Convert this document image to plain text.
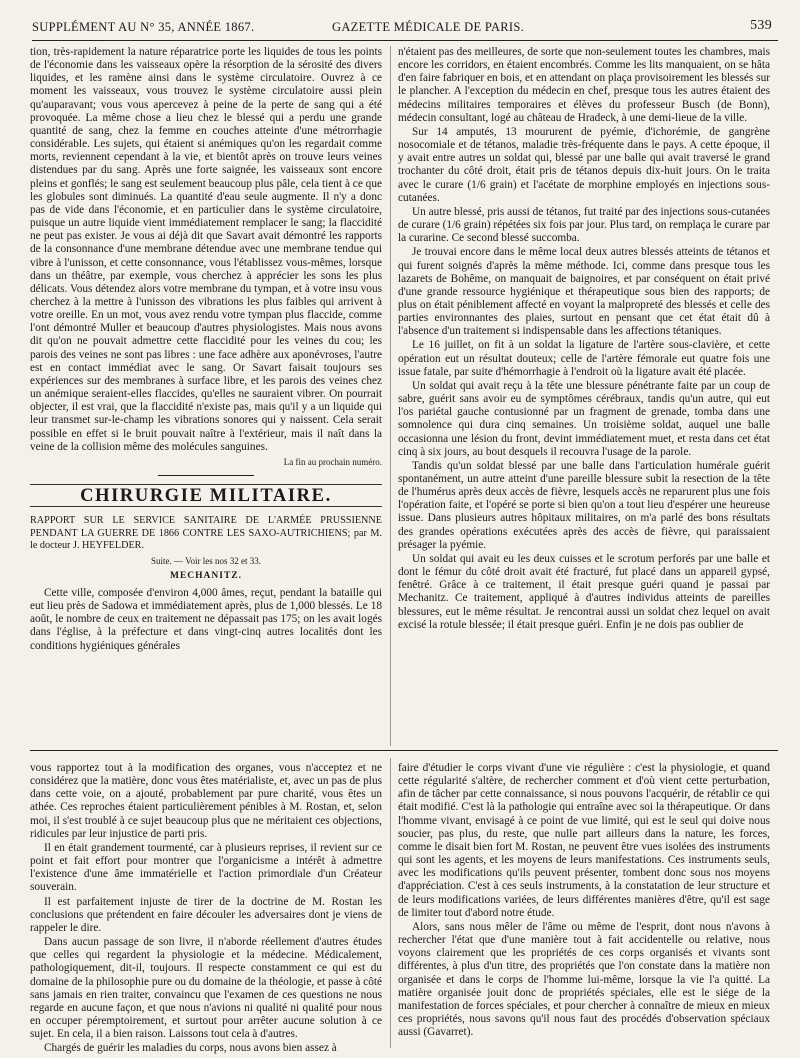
SUPPLÉMENT AU N° 35, ANNÉE 1867.	GAZETTE MÉDICALE DE PARIS.	539

tion, très-rapidement la nature réparatrice porte les liquides de tous les points de l'économie dans les vaisseaux opère la résorption de la sérosité des divers liquides, et les ramène ainsi dans le système circulatoire. Ouvrez à ce moment les vaisseaux, vous trouvez le système circulatoire aussi plein qu'auparavant; vous vous apercevez à peine de la perte de sang qui a été provoquée. La même chose a lieu chez le blessé qui a perdu une grande quantité de sang, chez la femme en couches atteinte d'une métrorrhagie considérable. Les sujets, qui étaient si anémiques qu'on les regardait comme morts, reviennent cependant à la vie, et bientôt après on trouve leurs veines distendues par du sang. Après une forte saignée, les vaisseaux sont encore pleins et gonflés; le sang est seulement beaucoup plus pâle, cela tient à ce que les globules sont diminués. La quantité d'eau seule augmente. Il n'y a donc pas de vide dans l'économie, et en particulier dans le système circulatoire, puisque un autre liquide vient immédiatement remplacer le sang; la flaccidité ne peut pas exister. Je vous ai déjà dit que Savart avait démontré les rapports de la consonnance d'une membrane détendue avec une membrane tendue qui vibre à l'unisson, et cette consonnance, vous l'établissez vous-mêmes, lorsque dans un théâtre, par exemple, vous cherchez à apprécier les sons les plus délicats. Vous détendez alors votre membrane du tympan, et à votre insu vous cherchez à la mettre à l'unisson des vibrations les plus faibles qui arrivent à votre oreille. En un mot, vous avez rendu votre tympan plus flaccide, comme l'ont démontré Muller et beaucoup d'autres physiologistes. Mais nous avons dit qu'on ne pouvait admettre cette flaccidité pour les veines du cou; les parois des veines ne sont pas libres : une face adhère aux aponévroses, l'autre est en contact immédiat avec le sang. Or Savart faisait toujours ses expériences sur des membranes à surface libre, et les parois des veines chez un anémique seraient-elles flaccides, qu'elles ne sauraient vibrer. On pourrait objecter, il est vrai, que la flaccidité n'existe pas, mais qu'il y a un liquide qui leur transmet sur-le-champ les vibrations sonores qui y naissent. Cela serait possible en effet si le bruit pouvait naître à l'extérieur, mais il naît dans la veine de la collision même des molécules sanguines.

La fin au prochain numéro.
CHIRURGIE MILITAIRE.

RAPPORT SUR LE SERVICE SANITAIRE DE L'ARMÉE PRUSSIENNE PENDANT LA GUERRE DE 1866 CONTRE LES SAXO-AUTRICHIENS; par M. le docteur J. HEYFELDER.

Suite. — Voir les nos 32 et 33.
MECHANITZ.

Cette ville, composée d'environ 4,000 âmes, reçut, pendant la bataille qui eut lieu près de Sadowa et immédiatement après, plus de 1,000 blessés. Le 18 août, le nombre de ceux en traitement ne dépassait pas 175; on les avait logés dans l'église, à la préfecture et dans vingt-cinq autres localités dont les conditions hygiéniques générales

n'étaient pas des meilleures, de sorte que non-seulement toutes les chambres, mais encore les corridors, en étaient encombrés. Comme les lits manquaient, on se hâta d'en faire fabriquer en bois, et en attendant on plaça provisoirement les blessés sur le plancher. A l'exception du médecin en chef, presque tous les autres étaient des médecins militaires temporaires et élèves du professeur Busch (de Bonn), médecin consultant, logé au château de Hradeck, à une demi-lieue de la ville.

Sur 14 amputés, 13 moururent de pyémie, d'ichorémie, de gangrène nosocomiale et de tétanos, maladie très-fréquente dans le pays. A cette époque, il y avait entre autres un soldat qui, blessé par une balle qui avait traversé le grand trochanter du côté droit, était pris de tétanos depuis dix-huit jours. On le traita avec le curare (1/6 grain) et l'acétate de morphine employés en injections sous-cutanées.

Un autre blessé, pris aussi de tétanos, fut traité par des injections sous-cutanées de curare (1/6 grain) répétées six fois par jour. Plus tard, on remplaça le curare par la curarine. Ce second blessé succomba.

Je trouvai encore dans le même local deux autres blessés atteints de tétanos et qui furent soignés d'après la même méthode. Ici, comme dans presque tous les lazarets de Bohême, on manquait de baignoires, et par conséquent on était privé d'une grande ressource hygiénique et thérapeutique sous bien des rapports; de plus on était péniblement affecté en voyant la malpropreté des blessés et celle des parties environnantes des plaies, surtout en pensant que cet état était dû à l'absence d'un traitement si indispensable dans les affections tétaniques.

Le 16 juillet, on fit à un soldat la ligature de l'artère sous-clavière, et cette opération eut un résultat douteux; celle de l'artère fémorale eut quatre fois une issue fatale, par suite d'hémorrhagie à l'endroit où la ligature avait été placée.

Un soldat qui avait reçu à la tête une blessure pénétrante faite par un coup de sabre, guérit sans avoir eu de symptômes cérébraux, tandis qu'un autre, qui eut l'os pariétal gauche contusionné par un fragment de grenade, tomba dans une somnolence qui dura cinq semaines. Un troisième soldat, auquel une balle occasionna une lésion du front, devint immédiatement muet, et resta dans cet état cinq à six jours, au bout desquels il recouvra l'usage de la parole.

Tandis qu'un soldat blessé par une balle dans l'articulation humérale guérit spontanément, un autre atteint d'une pareille blessure subit la resection de la tête de l'humérus après deux accès de fièvre, lesquels accès ne reparurent plus une fois l'opération faite, et l'opéré se porte si bien qu'on a tout lieu d'espérer une heureuse issue. Dans plusieurs autres hôpitaux militaires, on m'a parlé des bons résultats des grandes opérations exécutées après des accès de fièvre, qui paraissaient présager la pyémie.

Un soldat qui avait eu les deux cuisses et le scrotum perforés par une balle et dont le fémur du côté droit avait été fracturé, fut placé dans un appareil gypsé, fenêtré. Grâce à ce traitement, il était presque guéri quand je passai par Mechanitz. Ce traitement, appliqué à d'autres individus atteints de pareilles blessures, eut le même résultat. Je rencontrai aussi un soldat chez lequel on avait excisé la rotule blessée; il était presque guéri. Enfin je ne dois pas oublier de

vous rapportez tout à la modification des organes, vous n'acceptez et ne considérez que la matière, donc vous êtes matérialiste, et, avec un pas de plus dans cette voie, on a ajouté, probablement par pure charité, vous êtes un athée. Ces reproches étaient particulièrement pénibles à M. Rostan, et, selon moi, il s'est troublé à ce sujet beaucoup plus que ne méritaient ces objections, ridicules par leur injustice de parti pris.

Il en était grandement tourmenté, car à plusieurs reprises, il revient sur ce point et fait effort pour montrer que l'organicisme a intérêt à admettre l'existence d'une âme immatérielle et l'action primordiale d'un Créateur souverain.

Il est parfaitement injuste de tirer de la doctrine de M. Rostan les conclusions que prétendent en faire découler les adversaires dont je viens de rappeler le dire.

Dans aucun passage de son livre, il n'aborde réellement d'autres études que celles qui regardent la physiologie et la médecine. Médicalement, pathologiquement, dit-il, toujours. Il respecte constamment ce qui est du domaine de la philosophie pure ou du domaine de la théologie, et passe à côté sans jamais en rien traiter, convaincu que l'examen de ces questions ne nous regarde en aucune façon, et que nous n'avions ni qualité ni qualité pour nous en occuper péremptoirement, et surtout pour arrêter aucune solution à ce sujet. En cela, il a bien raison. Laissons tout cela à d'autres.

Chargés de guérir les maladies du corps, nous avons bien assez à

faire d'étudier le corps vivant d'une vie régulière : c'est la physiologie, et quand cette régularité s'altère, de rechercher comment et d'où vient cette perturbation, afin de tâcher par cette connaissance, si nous pouvons l'acquérir, de rétablir ce qui était modifié. C'est là la pathologie qui entraîne avec soi la thérapeutique. Or dans l'homme vivant, envisagé à ce point de vue limité, qui est le seul qui doive nous soucier, pas plus, du reste, que nulle part ailleurs dans la nature, les forces, comme le disait bien fort M. Rostan, ne peuvent être vues isolées des instruments qui sont les agents, et les moyens de leurs manifestations. Ces instruments seuls, avec les modifications qu'ils peuvent présenter, tombent donc sous nos moyens d'appréciation. C'est à ces seuls instruments, à la constatation de leur structure et de leurs modifications variées, de leurs différentes manières d'être, qu'il est sage de limiter tout d'abord notre étude.

Alors, sans nous mêler de l'âme ou même de l'esprit, dont nous n'avons à rechercher l'état que d'une manière tout à fait accidentelle ou relative, nous voyons clairement que les propriétés de ces corps organisés et vivants sont différentes, à plus d'un titre, des propriétés que l'on constate dans la matière non organisée et dans le corps de l'homme lui-même, lorsque la vie l'a quitté. La matière organisée jouit donc de propriétés spéciales, elle est le siége de la manifestation de forces spéciales, et pour chercher à connaître de mieux en mieux ces propriétés, nous savons qu'il nous faut des procédés d'observation spéciaux aussi (Gavarret).
